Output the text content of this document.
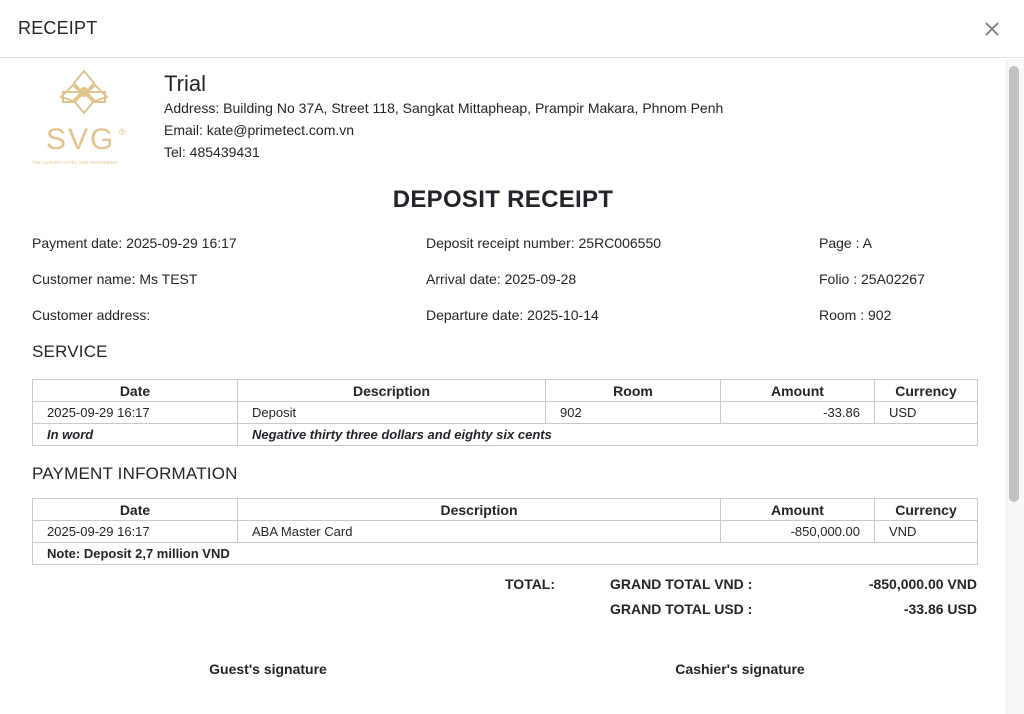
RECEIPT
SVG ®
THE LUXURY HOTEL AND APARTMENT
Trial
Address: Building No 37A, Street 118, Sangkat Mittapheap, Prampir Makara, Phnom Penh
Email: kate@primetect.com.vn
Tel: 485439431
DEPOSIT RECEIPT
Payment date: 2025-09-29 16:17	Deposit receipt number: 25RC006550	Page : A
Customer name: Ms TEST	Arrival date: 2025-09-28	Folio : 25A02267
Customer address:	Departure date: 2025-10-14	Room : 902
SERVICE
Date	Description	Room	Amount	Currency
2025-09-29 16:17	Deposit	902	-33.86	USD
In word	Negative thirty three dollars and eighty six cents			
PAYMENT INFORMATION
Date	Description	Amount	Currency
2025-09-29 16:17	ABA Master Card	-850,000.00	VND
Note: Deposit 2,7 million VND			
TOTAL:	GRAND TOTAL VND :	-850,000.00 VND
GRAND TOTAL USD :	-33.86 USD
Guest's signature	Cashier's signature
